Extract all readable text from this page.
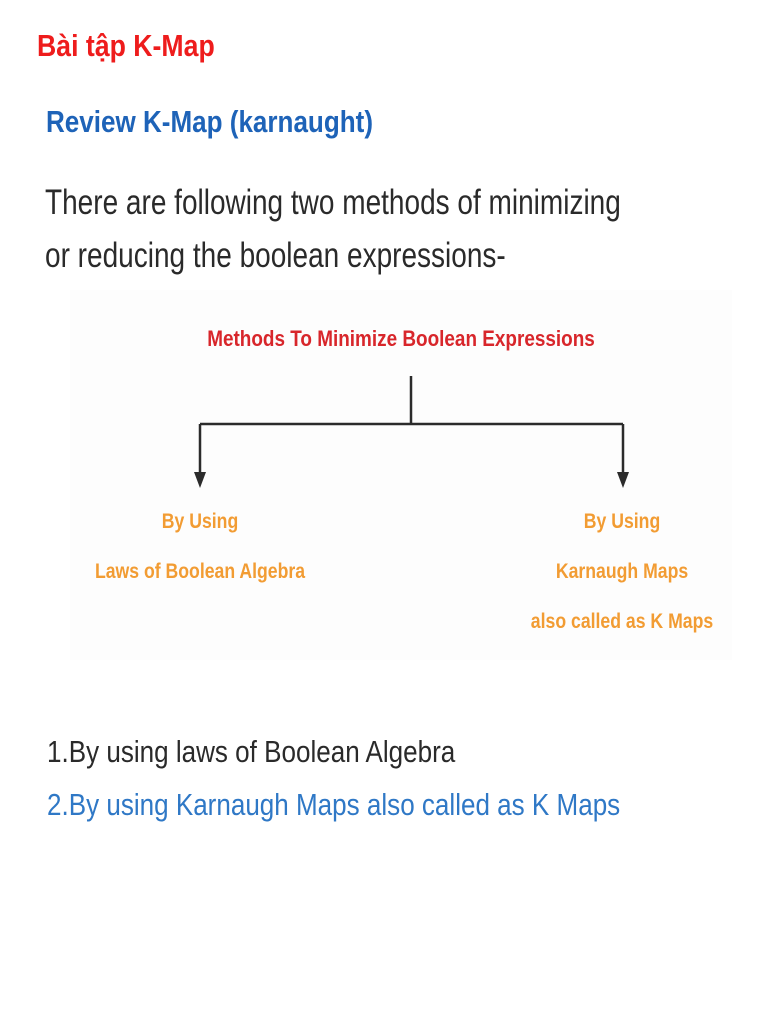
Bài tập K-Map
Review K-Map (karnaught)
There are following two methods of minimizing or reducing the boolean expressions-
Methods To Minimize Boolean Expressions
By Using
Laws of Boolean Algebra
By Using
Karnaugh Maps
also called as K Maps
1.By using laws of Boolean Algebra
2.By using Karnaugh Maps also called as K Maps
